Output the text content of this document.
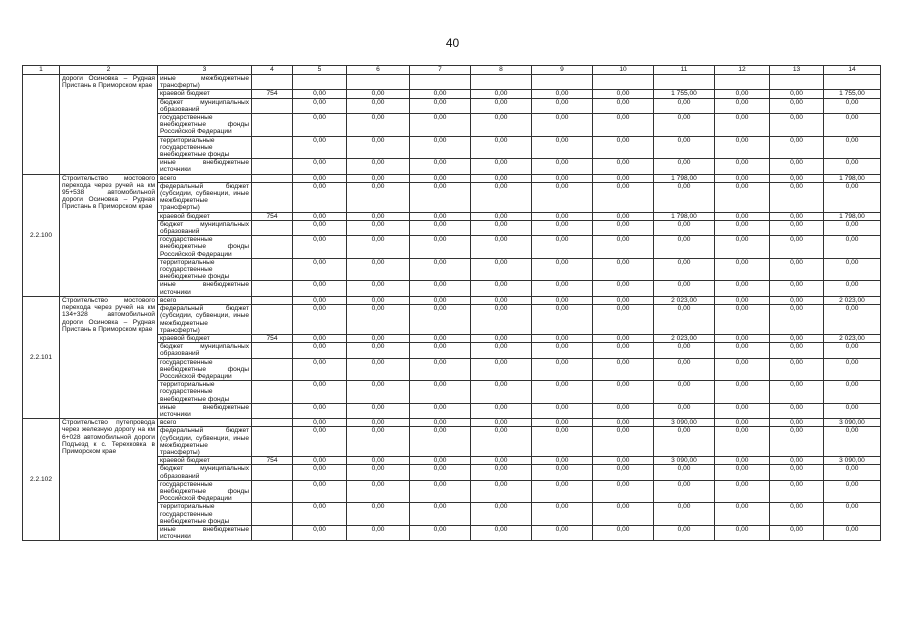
40
1	2	3	4	5	6	7	8	9	10	11	12	13	14
	дороги Осиновка – Рудная Пристань в Приморском крае	иные межбюджетные трансферты)											
		краевой бюджет	754	0,00	0,00	0,00	0,00	0,00	0,00	1 755,00	0,00	0,00	1 755,00
		бюджет муниципальных образований		0,00	0,00	0,00	0,00	0,00	0,00	0,00	0,00	0,00	0,00
		государственные внебюджетные фонды Российской Федерации		0,00	0,00	0,00	0,00	0,00	0,00	0,00	0,00	0,00	0,00
		территориальные государственные внебюджетные фонды		0,00	0,00	0,00	0,00	0,00	0,00	0,00	0,00	0,00	0,00
		иные внебюджетные источники		0,00	0,00	0,00	0,00	0,00	0,00	0,00	0,00	0,00	0,00
2.2.100	Строительство мостового перехода через ручей на км 95+538 автомобильной дороги Осиновка – Рудная Пристань в Приморском крае	всего		0,00	0,00	0,00	0,00	0,00	0,00	1 798,00	0,00	0,00	1 798,00
		федеральный бюджет (субсидии, субвенции, иные межбюджетные трансферты)		0,00	0,00	0,00	0,00	0,00	0,00	0,00	0,00	0,00	0,00
		краевой бюджет	754	0,00	0,00	0,00	0,00	0,00	0,00	1 798,00	0,00	0,00	1 798,00
		бюджет муниципальных образований		0,00	0,00	0,00	0,00	0,00	0,00	0,00	0,00	0,00	0,00
		государственные внебюджетные фонды Российской Федерации		0,00	0,00	0,00	0,00	0,00	0,00	0,00	0,00	0,00	0,00
		территориальные государственные внебюджетные фонды		0,00	0,00	0,00	0,00	0,00	0,00	0,00	0,00	0,00	0,00
		иные внебюджетные источники		0,00	0,00	0,00	0,00	0,00	0,00	0,00	0,00	0,00	0,00
2.2.101	Строительство мостового перехода через ручей на км 134+328 автомобильной дороги Осиновка – Рудная Пристань в Приморском крае	всего		0,00	0,00	0,00	0,00	0,00	0,00	2 023,00	0,00	0,00	2 023,00
		федеральный бюджет (субсидии, субвенции, иные межбюджетные трансферты)		0,00	0,00	0,00	0,00	0,00	0,00	0,00	0,00	0,00	0,00
		краевой бюджет	754	0,00	0,00	0,00	0,00	0,00	0,00	2 023,00	0,00	0,00	2 023,00
		бюджет муниципальных образований		0,00	0,00	0,00	0,00	0,00	0,00	0,00	0,00	0,00	0,00
		государственные внебюджетные фонды Российской Федерации		0,00	0,00	0,00	0,00	0,00	0,00	0,00	0,00	0,00	0,00
		территориальные государственные внебюджетные фонды		0,00	0,00	0,00	0,00	0,00	0,00	0,00	0,00	0,00	0,00
		иные внебюджетные источники		0,00	0,00	0,00	0,00	0,00	0,00	0,00	0,00	0,00	0,00
2.2.102	Строительство путепровода через железную дорогу на км 6+028 автомобильной дороги Подъезд к с. Терехковка в Приморском крае	всего		0,00	0,00	0,00	0,00	0,00	0,00	3 090,00	0,00	0,00	3 090,00
		федеральный бюджет (субсидии, субвенции, иные межбюджетные трансферты)		0,00	0,00	0,00	0,00	0,00	0,00	0,00	0,00	0,00	0,00
		краевой бюджет	754	0,00	0,00	0,00	0,00	0,00	0,00	3 090,00	0,00	0,00	3 090,00
		бюджет муниципальных образований		0,00	0,00	0,00	0,00	0,00	0,00	0,00	0,00	0,00	0,00
		государственные внебюджетные фонды Российской Федерации		0,00	0,00	0,00	0,00	0,00	0,00	0,00	0,00	0,00	0,00
		территориальные государственные внебюджетные фонды		0,00	0,00	0,00	0,00	0,00	0,00	0,00	0,00	0,00	0,00
		иные внебюджетные источники		0,00	0,00	0,00	0,00	0,00	0,00	0,00	0,00	0,00	0,00
